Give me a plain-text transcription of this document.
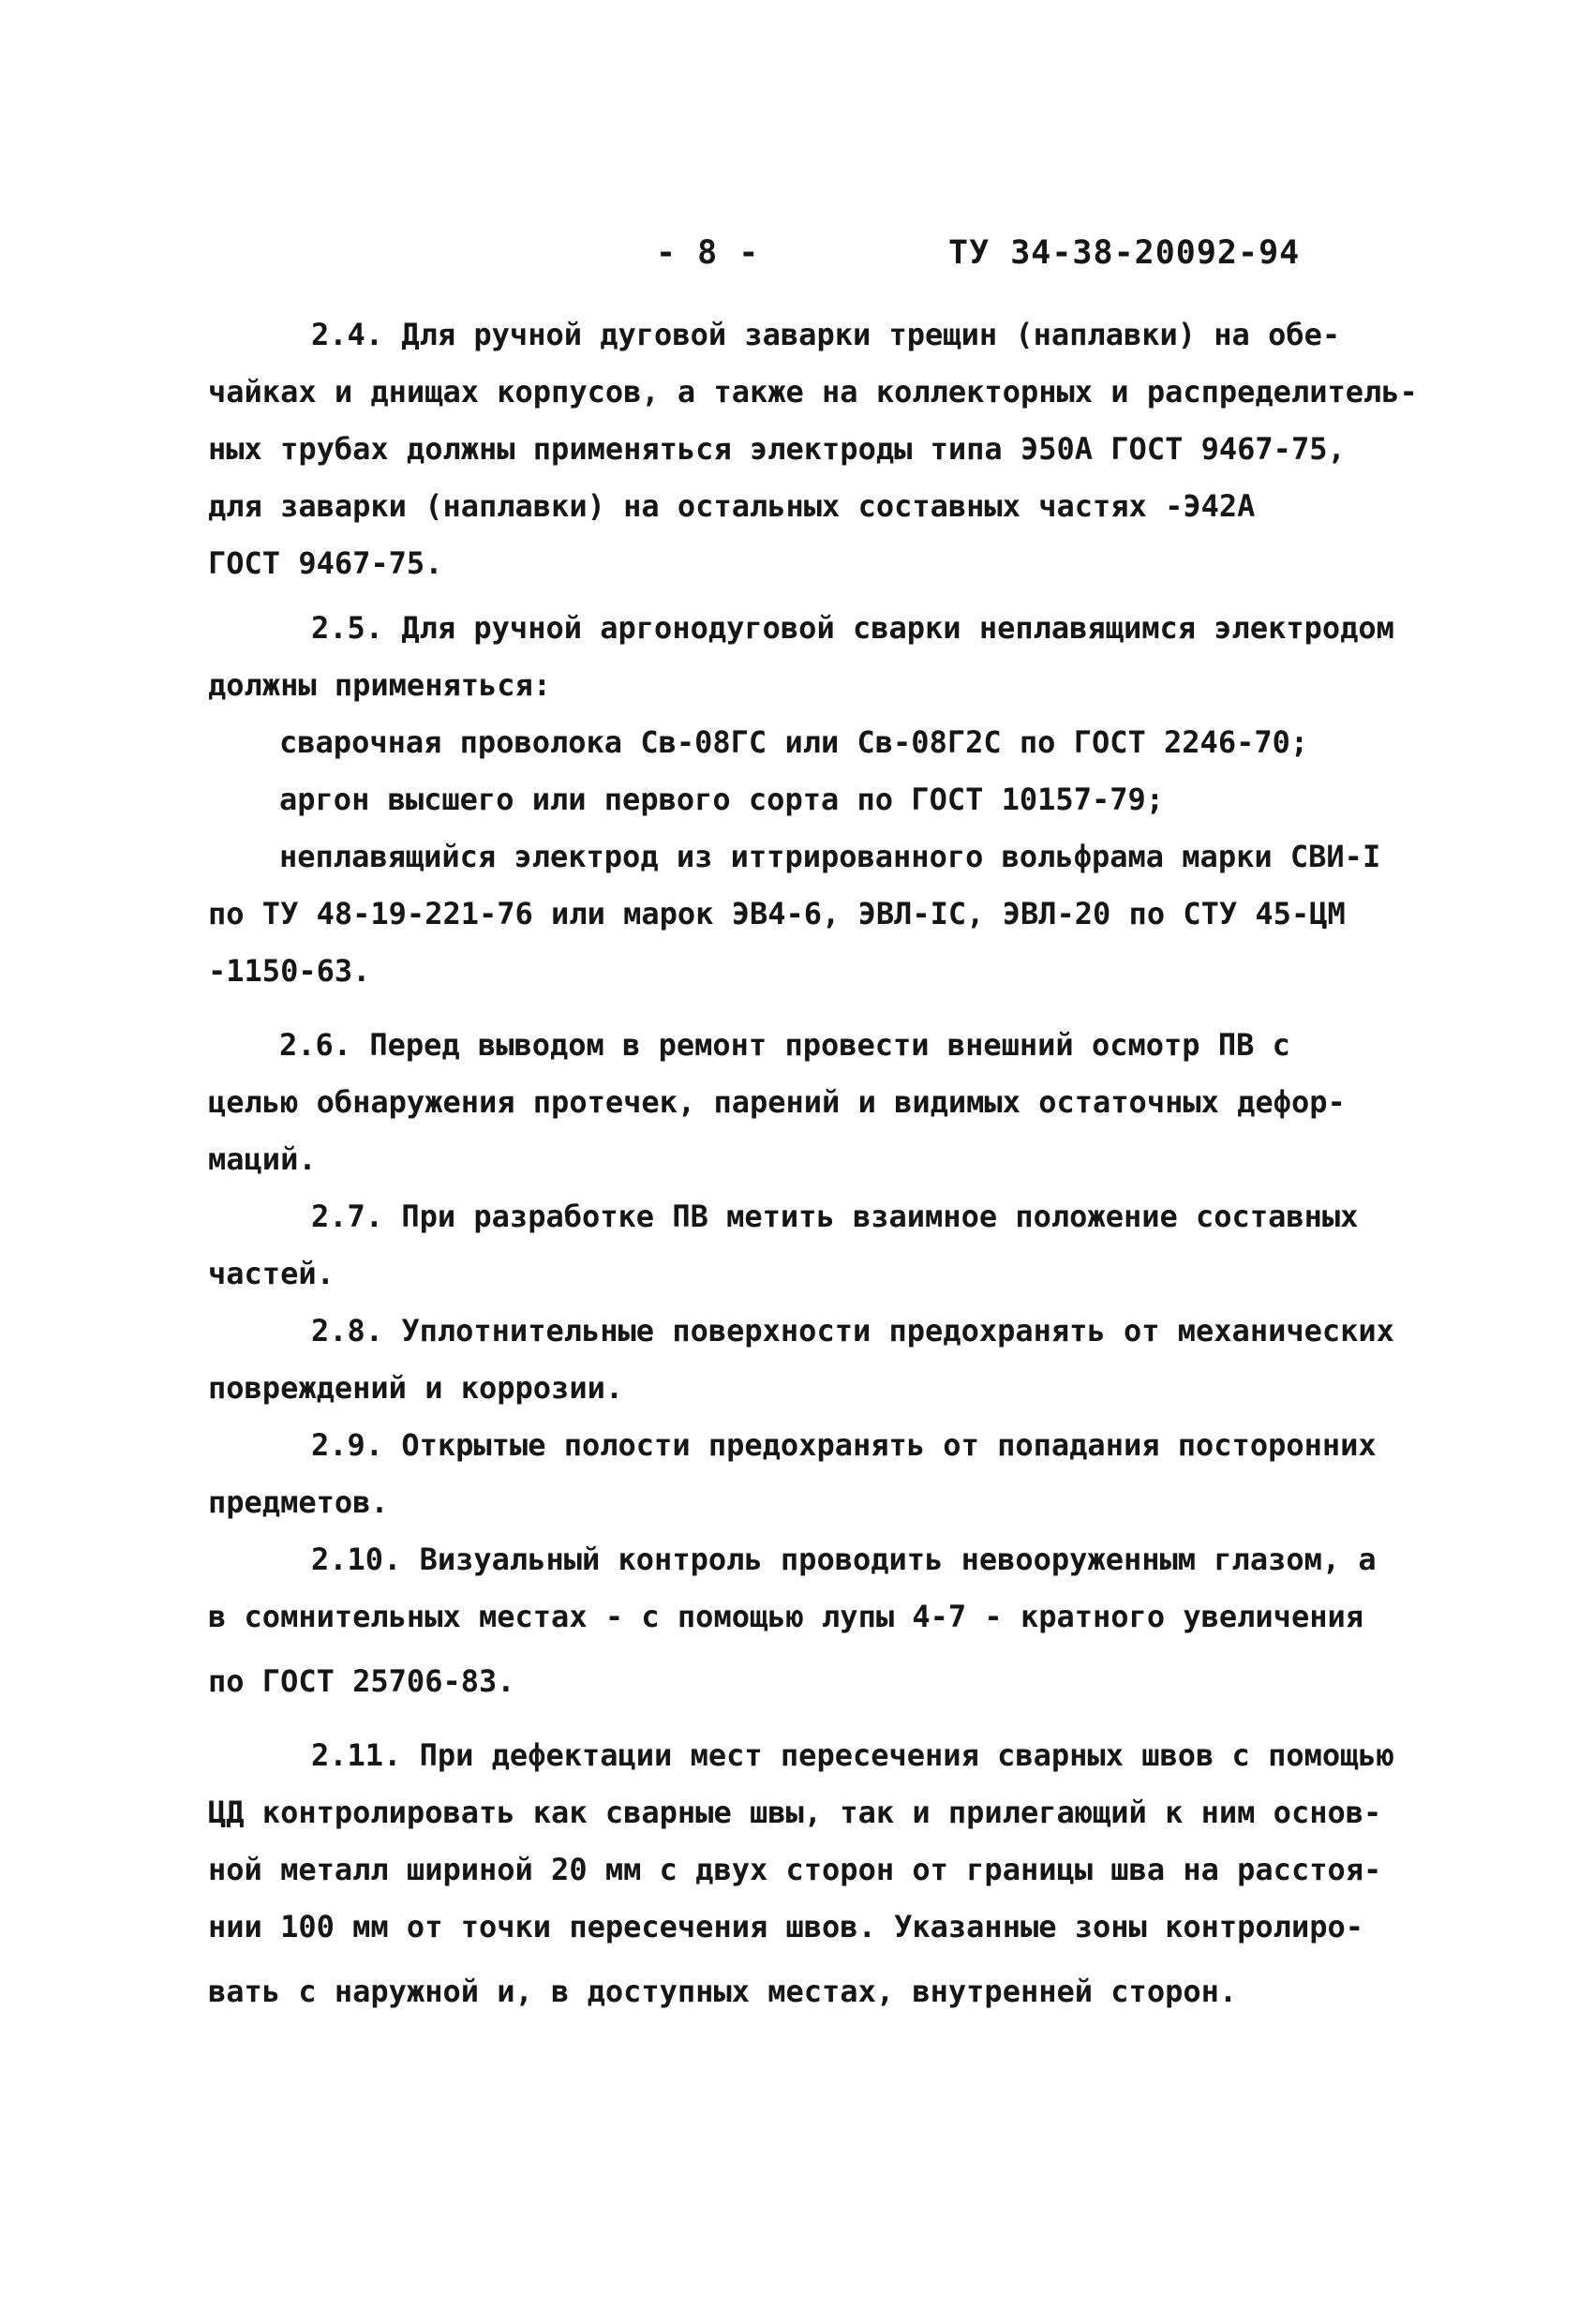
- 8 -	ТУ 34-38-20092-94
2.4. Для ручной дуговой заварки трещин (наплавки) на обе-
чайках и днищах корпусов, а также на коллекторных и распределитель-
ных трубах должны применяться электроды типа Э50А ГОСТ 9467-75,
для заварки (наплавки) на остальных составных частях -Э42А
ГОСТ 9467-75.
2.5. Для ручной аргонодуговой сварки неплавящимся электродом
должны применяться:
сварочная проволока Св-08ГС или Св-08Г2С по ГОСТ 2246-70;
аргон высшего или первого сорта по ГОСТ 10157-79;
неплавящийся электрод из иттрированного вольфрама марки СВИ-I
по ТУ 48-19-221-76 или марок ЭВ4-6, ЭВЛ-IС, ЭВЛ-20 по СТУ 45-ЦМ
-1150-63.
2.6. Перед выводом в ремонт провести внешний осмотр ПВ с
целью обнаружения протечек, парений и видимых остаточных дефор-
маций.
2.7. При разработке ПВ метить взаимное положение составных
частей.
2.8. Уплотнительные поверхности предохранять от механических
повреждений и коррозии.
2.9. Открытые полости предохранять от попадания посторонних
предметов.
2.10. Визуальный контроль проводить невооруженным глазом, а
в сомнительных местах - с помощью лупы 4-7 - кратного увеличения
по ГОСТ 25706-83.
2.11. При дефектации мест пересечения сварных швов с помощью
ЦД контролировать как сварные швы, так и прилегающий к ним основ-
ной металл шириной 20 мм с двух сторон от границы шва на расстоя-
нии 100 мм от точки пересечения швов. Указанные зоны контролиро-
вать с наружной и, в доступных местах, внутренней сторон.
